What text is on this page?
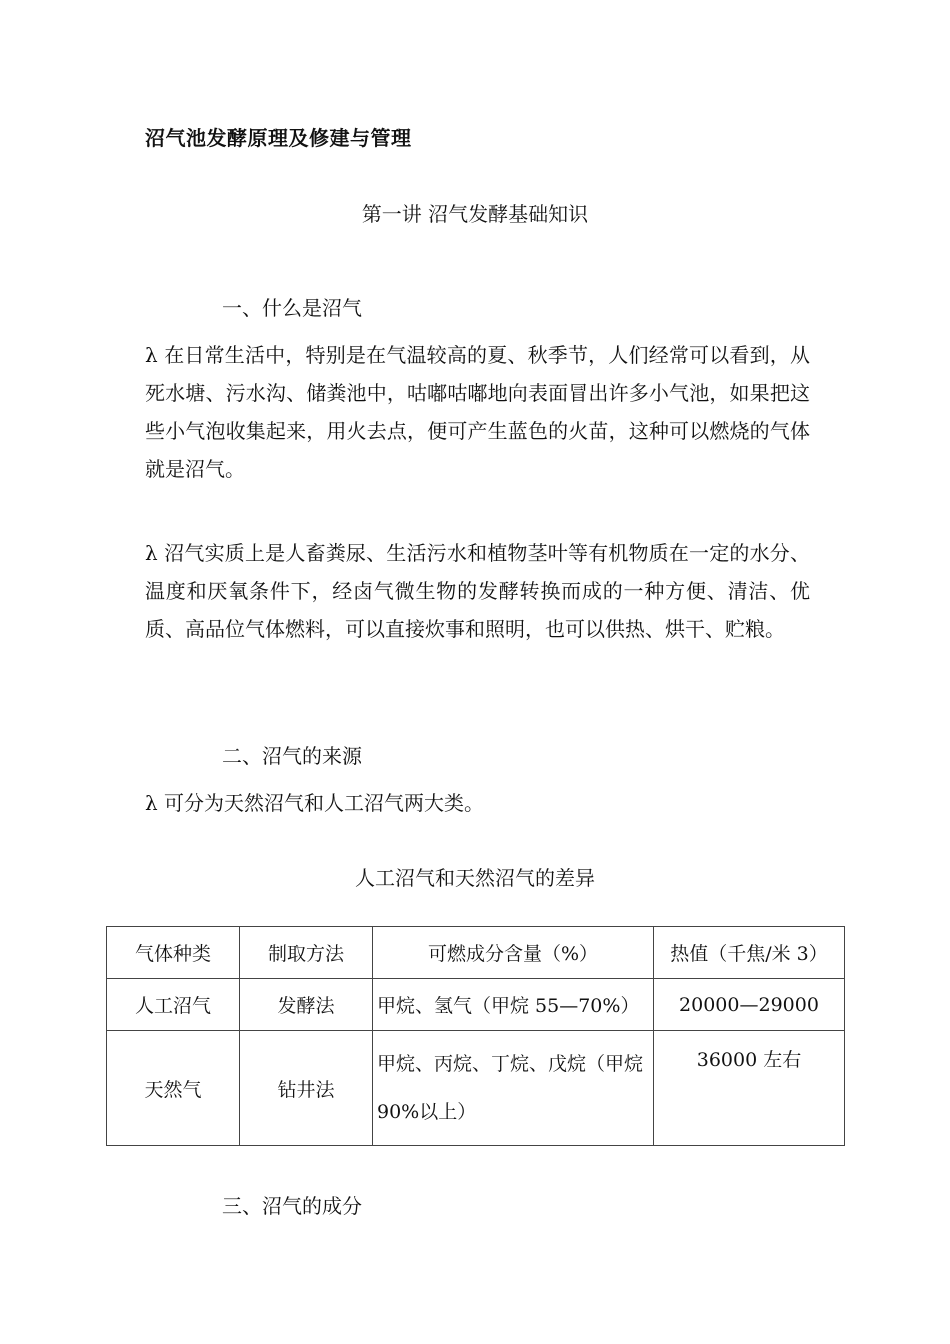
沼气池发酵原理及修建与管理
第一讲 沼气发酵基础知识
一、什么是沼气
λ 在日常生活中，特别是在气温较高的夏、秋季节，人们经常可以看到，从死水塘、污水沟、储粪池中，咕嘟咕嘟地向表面冒出许多小气池，如果把这些小气泡收集起来，用火去点，便可产生蓝色的火苗，这种可以燃烧的气体就是沼气。
λ 沼气实质上是人畜粪尿、生活污水和植物茎叶等有机物质在一定的水分、温度和厌氧条件下，经卤气微生物的发酵转换而成的一种方便、清洁、优质、高品位气体燃料，可以直接炊事和照明，也可以供热、烘干、贮粮。
二、沼气的来源
λ 可分为天然沼气和人工沼气两大类。
人工沼气和天然沼气的差异
气体种类	制取方法	可燃成分含量（%）	热值（千焦/米 3）
人工沼气	发酵法	甲烷、氢气（甲烷 55—70%）	20000—29000
天然气	钻井法	甲烷、丙烷、丁烷、戊烷（甲烷 90%以上）	36000 左右
三、沼气的成分
